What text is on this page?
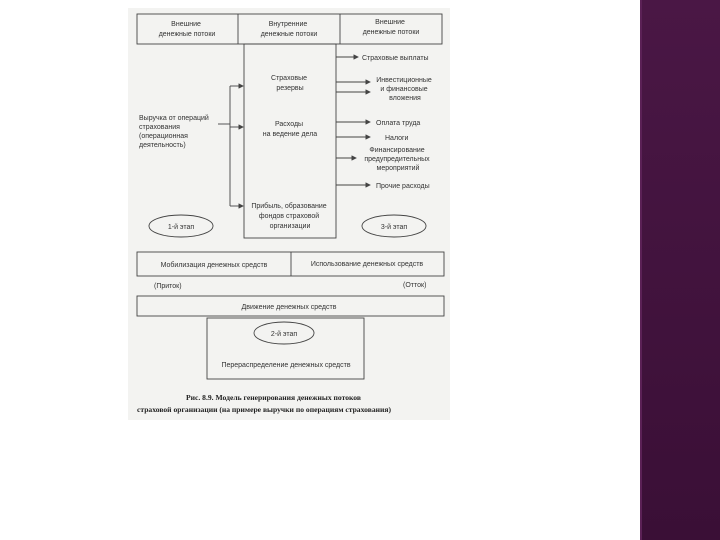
Внешние денежные потоки
Внутренние денежные потоки
Внешние денежные потоки
Страховые резервы
Расходы на ведение дела
Прибыль, образование фондов страховой организации
Выручка от операций страхования (операционная деятельность)
Страховые выплаты
Инвестиционные и финансовые вложения
Оплата труда
Налоги
Финансирование предупредительных мероприятий
Прочие расходы
1-й этап	3-й этап
Мобилизация денежных средств	Использование денежных средств
(Приток)	(Отток)
Движение денежных средств
2-й этап
Перераспределение денежных средств
Рис. 8.9. Модель генерирования денежных потоков страховой организации (на примере выручки по операциям страхования)
